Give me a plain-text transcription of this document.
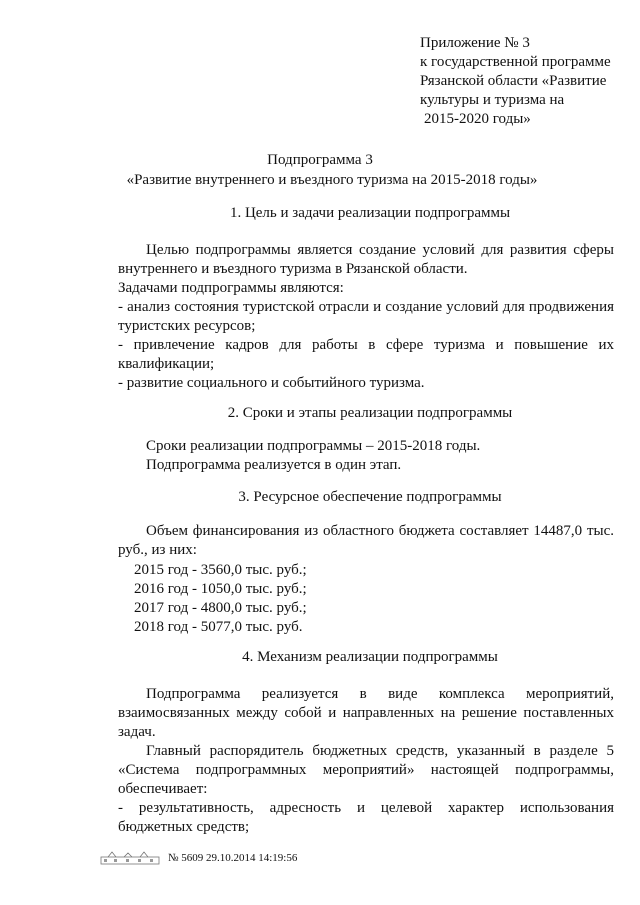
Приложение № 3
к государственной программе
Рязанской области «Развитие
культуры и туризма на
2015-2020 годы»
Подпрограмма 3
«Развитие внутреннего и въездного туризма на 2015-2018 годы»
1. Цель и задачи реализации подпрограммы
Целью подпрограммы является создание условий для развития сферы внутреннего и въездного туризма в Рязанской области.
Задачами подпрограммы являются:
- анализ состояния туристской отрасли и создание условий для продвижения туристских ресурсов;
- привлечение кадров для работы в сфере туризма и повышение их квалификации;
- развитие социального и событийного туризма.
2. Сроки и этапы реализации подпрограммы
Сроки реализации подпрограммы – 2015-2018 годы.
Подпрограмма реализуется в один этап.
3. Ресурсное обеспечение подпрограммы
Объем финансирования из областного бюджета составляет 14487,0 тыс. руб., из них:
2015 год - 3560,0 тыс. руб.;
2016 год - 1050,0 тыс. руб.;
2017 год - 4800,0 тыс. руб.;
2018 год - 5077,0 тыс. руб.
4. Механизм реализации подпрограммы
Подпрограмма реализуется в виде комплекса мероприятий, взаимосвязанных между собой и направленных на решение поставленных задач.
Главный распорядитель бюджетных средств, указанный в разделе 5 «Система подпрограммных мероприятий» настоящей подпрограммы, обеспечивает:
- результативность, адресность и целевой характер использования бюджетных средств;
№ 5609 29.10.2014 14:19:56
